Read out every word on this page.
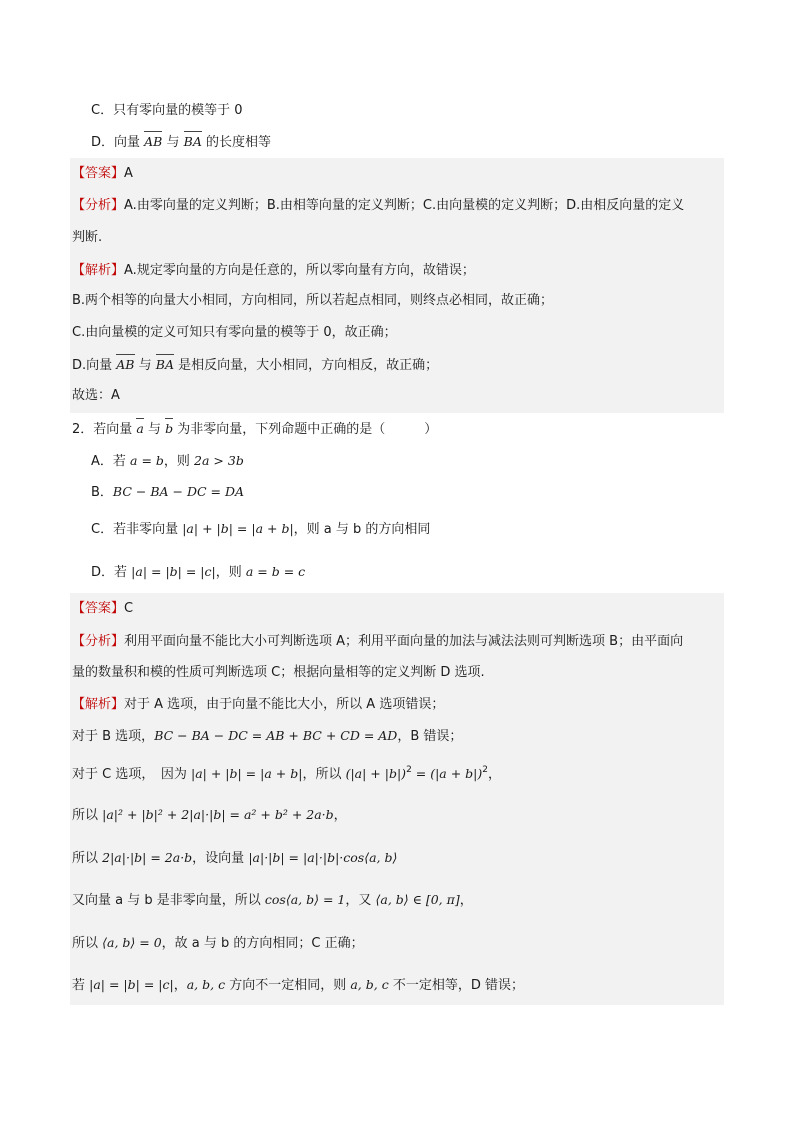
C．只有零向量的模等于 0
D．向量 AB 与 BA 的长度相等
【答案】A
【分析】A.由零向量的定义判断；B.由相等向量的定义判断；C.由向量模的定义判断；D.由相反向量的定义
判断.
【解析】A.规定零向量的方向是任意的，所以零向量有方向，故错误；
B.两个相等的向量大小相同，方向相同，所以若起点相同，则终点必相同，故正确；
C.由向量模的定义可知只有零向量的模等于 0，故正确；
D.向量 AB 与 BA 是相反向量，大小相同，方向相反，故正确；
故选：A
2．若向量 a 与 b 为非零向量，下列命题中正确的是（　　　）
A．若 a = b，则 2a > 3b
B．BC − BA − DC = DA
C．若非零向量 |a| + |b| = |a + b|，则 a 与 b 的方向相同
D．若 |a| = |b| = |c|，则 a = b = c
【答案】C
【分析】利用平面向量不能比大小可判断选项 A；利用平面向量的加法与减法法则可判断选项 B；由平面向
量的数量积和模的性质可判断选项 C；根据向量相等的定义判断 D 选项.
【解析】对于 A 选项，由于向量不能比大小，所以 A 选项错误；
对于 B 选项，BC − BA − DC = AB + BC + CD = AD，B 错误；
对于 C 选项，　因为 |a| + |b| = |a + b|，所以 $(|a| + |b|)^2 = (|a + b|)^2$，
所以 |a|² + |b|² + 2|a|·|b| = a² + b² + 2a·b，
所以 2|a|·|b| = 2a·b，设向量 |a|·|b| = |a|·|b|·cos⟨a, b⟩
又向量 a 与 b 是非零向量，所以 cos⟨a, b⟩ = 1，又 ⟨a, b⟩ ∈ [0, π]，
所以 ⟨a, b⟩ = 0，故 a 与 b 的方向相同；C 正确；
若 |a| = |b| = |c|，a, b, c 方向不一定相同，则 a, b, c 不一定相等，D 错误；
